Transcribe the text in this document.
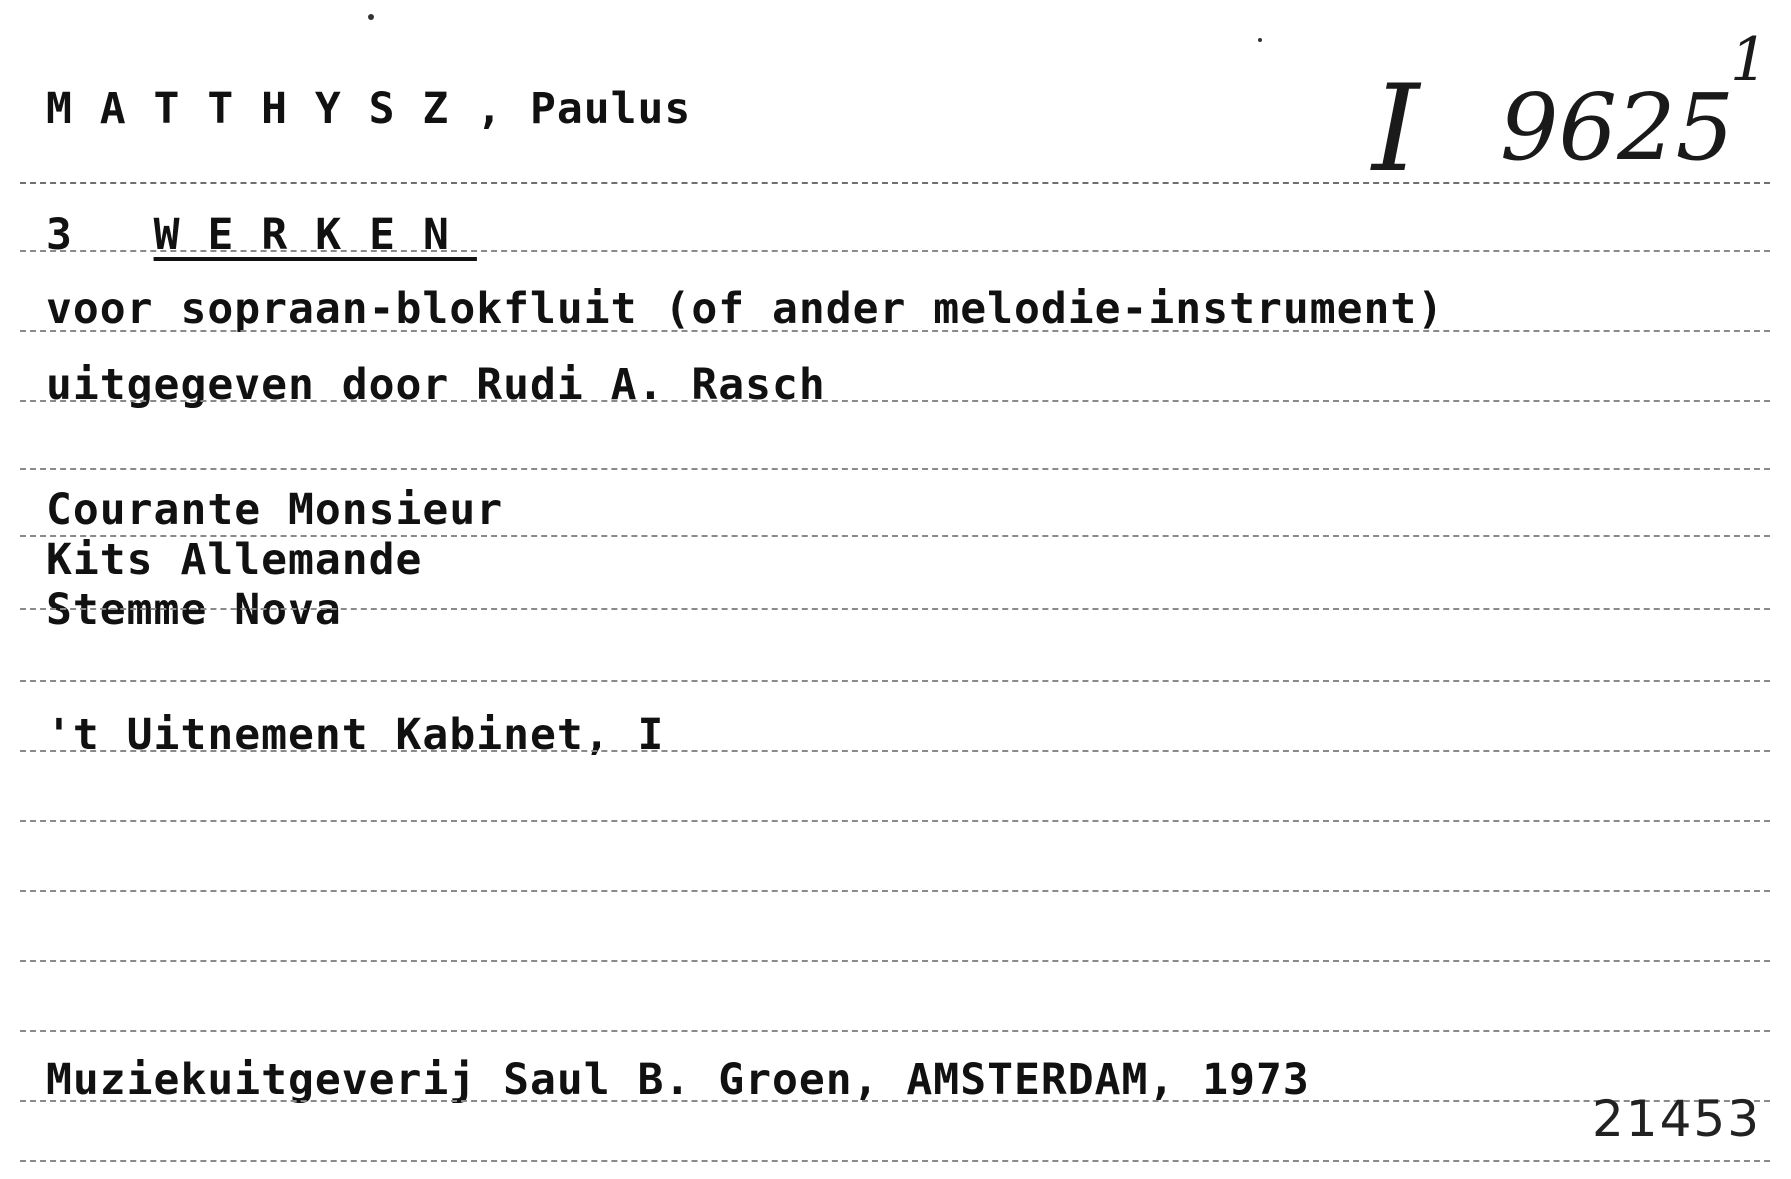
M A T T H Y S Z , Paulus	I 9625
1
3 WERKEN
voor sopraan-blokfluit (of ander melodie-instrument)
uitgegeven door Rudi A. Rasch
Courante Monsieur
Kits Allemande
Stemme Nova
't Uitnement Kabinet, I
Muziekuitgeverij Saul B. Groen, AMSTERDAM, 1973
21453
